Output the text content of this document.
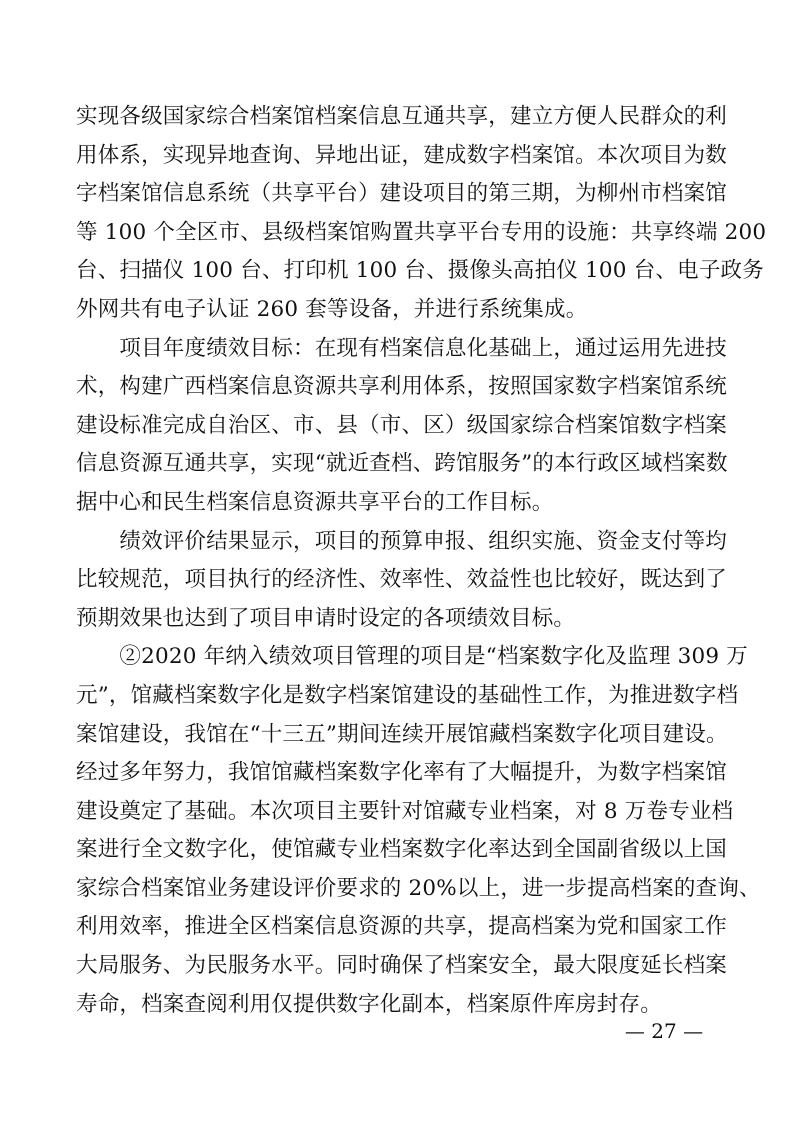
实现各级国家综合档案馆档案信息互通共享，建立方便人民群众的利
用体系，实现异地查询、异地出证，建成数字档案馆。本次项目为数
字档案馆信息系统（共享平台）建设项目的第三期，为柳州市档案馆
等 100 个全区市、县级档案馆购置共享平台专用的设施：共享终端 200
台、扫描仪 100 台、打印机 100 台、摄像头高拍仪 100 台、电子政务
外网共有电子认证 260 套等设备，并进行系统集成。
　　项目年度绩效目标：在现有档案信息化基础上，通过运用先进技
术，构建广西档案信息资源共享利用体系，按照国家数字档案馆系统
建设标准完成自治区、市、县（市、区）级国家综合档案馆数字档案
信息资源互通共享，实现“就近查档、跨馆服务”的本行政区域档案数
据中心和民生档案信息资源共享平台的工作目标。
　　绩效评价结果显示，项目的预算申报、组织实施、资金支付等均
比较规范，项目执行的经济性、效率性、效益性也比较好，既达到了
预期效果也达到了项目申请时设定的各项绩效目标。
　　②2020 年纳入绩效项目管理的项目是“档案数字化及监理 309 万
元”，馆藏档案数字化是数字档案馆建设的基础性工作，为推进数字档
案馆建设，我馆在“十三五”期间连续开展馆藏档案数字化项目建设。
经过多年努力，我馆馆藏档案数字化率有了大幅提升，为数字档案馆
建设奠定了基础。本次项目主要针对馆藏专业档案，对 8 万卷专业档
案进行全文数字化，使馆藏专业档案数字化率达到全国副省级以上国
家综合档案馆业务建设评价要求的 20%以上，进一步提高档案的查询、
利用效率，推进全区档案信息资源的共享，提高档案为党和国家工作
大局服务、为民服务水平。同时确保了档案安全，最大限度延长档案
寿命，档案查阅利用仅提供数字化副本，档案原件库房封存。
— 27 —
